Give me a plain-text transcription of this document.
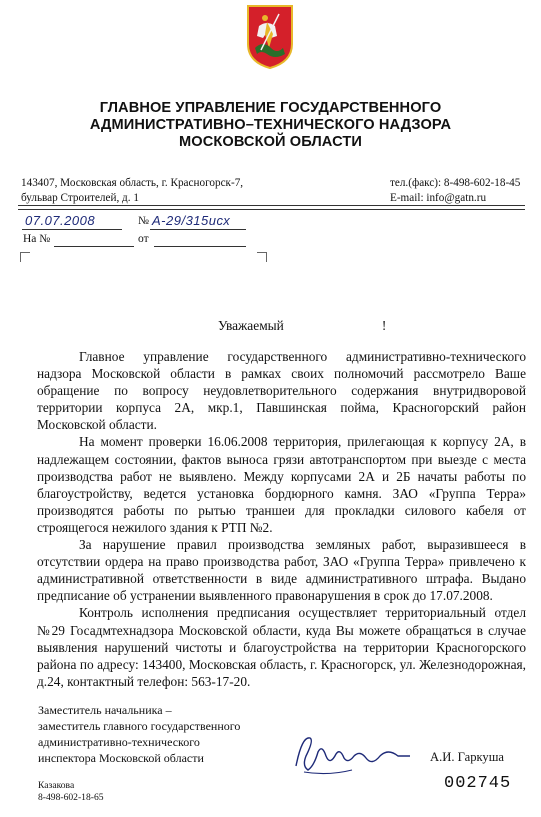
ГЛАВНОЕ УПРАВЛЕНИЕ ГОСУДАРСТВЕННОГО
АДМИНИСТРАТИВНО–ТЕХНИЧЕСКОГО НАДЗОРА
МОСКОВСКОЙ ОБЛАСТИ
143407, Московская область, г. Красногорск-7,
бульвар Строителей, д. 1
тел.(факс): 8-498-602-18-45
E-mail: info@gatn.ru
07.07.2008	№ А-29/315исх
На №	от
Уважаемый	!

Главное управление государственного административно-технического надзора Московской области в рамках своих полномочий рассмотрело Ваше обращение по вопросу неудовлетворительного содержания внутридворовой территории корпуса 2А, мкр.1, Павшинская пойма, Красногорский район Московской области.

На момент проверки 16.06.2008 территория, прилегающая к корпусу 2А, в надлежащем состоянии, фактов выноса грязи автотранспортом при выезде с места производства работ не выявлено. Между корпусами 2А и 2Б начаты работы по благоустройству, ведется установка бордюрного камня. ЗАО «Группа Терра» производятся работы по рытью траншеи для прокладки силового кабеля от строящегося нежилого здания к РТП №2.

За нарушение правил производства земляных работ, выразившееся в отсутствии ордера на право производства работ, ЗАО «Группа Терра» привлечено к административной ответственности в виде административного штрафа. Выдано предписание об устранении выявленного правонарушения в срок до 17.07.2008.

Контроль исполнения предписания осуществляет территориальный отдел №29 Госадмтехнадзора Московской области, куда Вы можете обращаться в случае выявления нарушений чистоты и благоустройства на территории Красногорского района по адресу: 143400, Московская область, г. Красногорск, ул. Железнодорожная, д.24, контактный телефон: 563-17-20.

Заместитель начальника –
заместитель главного государственного
административно-технического
инспектора Московской области	А.И. Гаркуша
002745
Казакова
8-498-602-18-65
